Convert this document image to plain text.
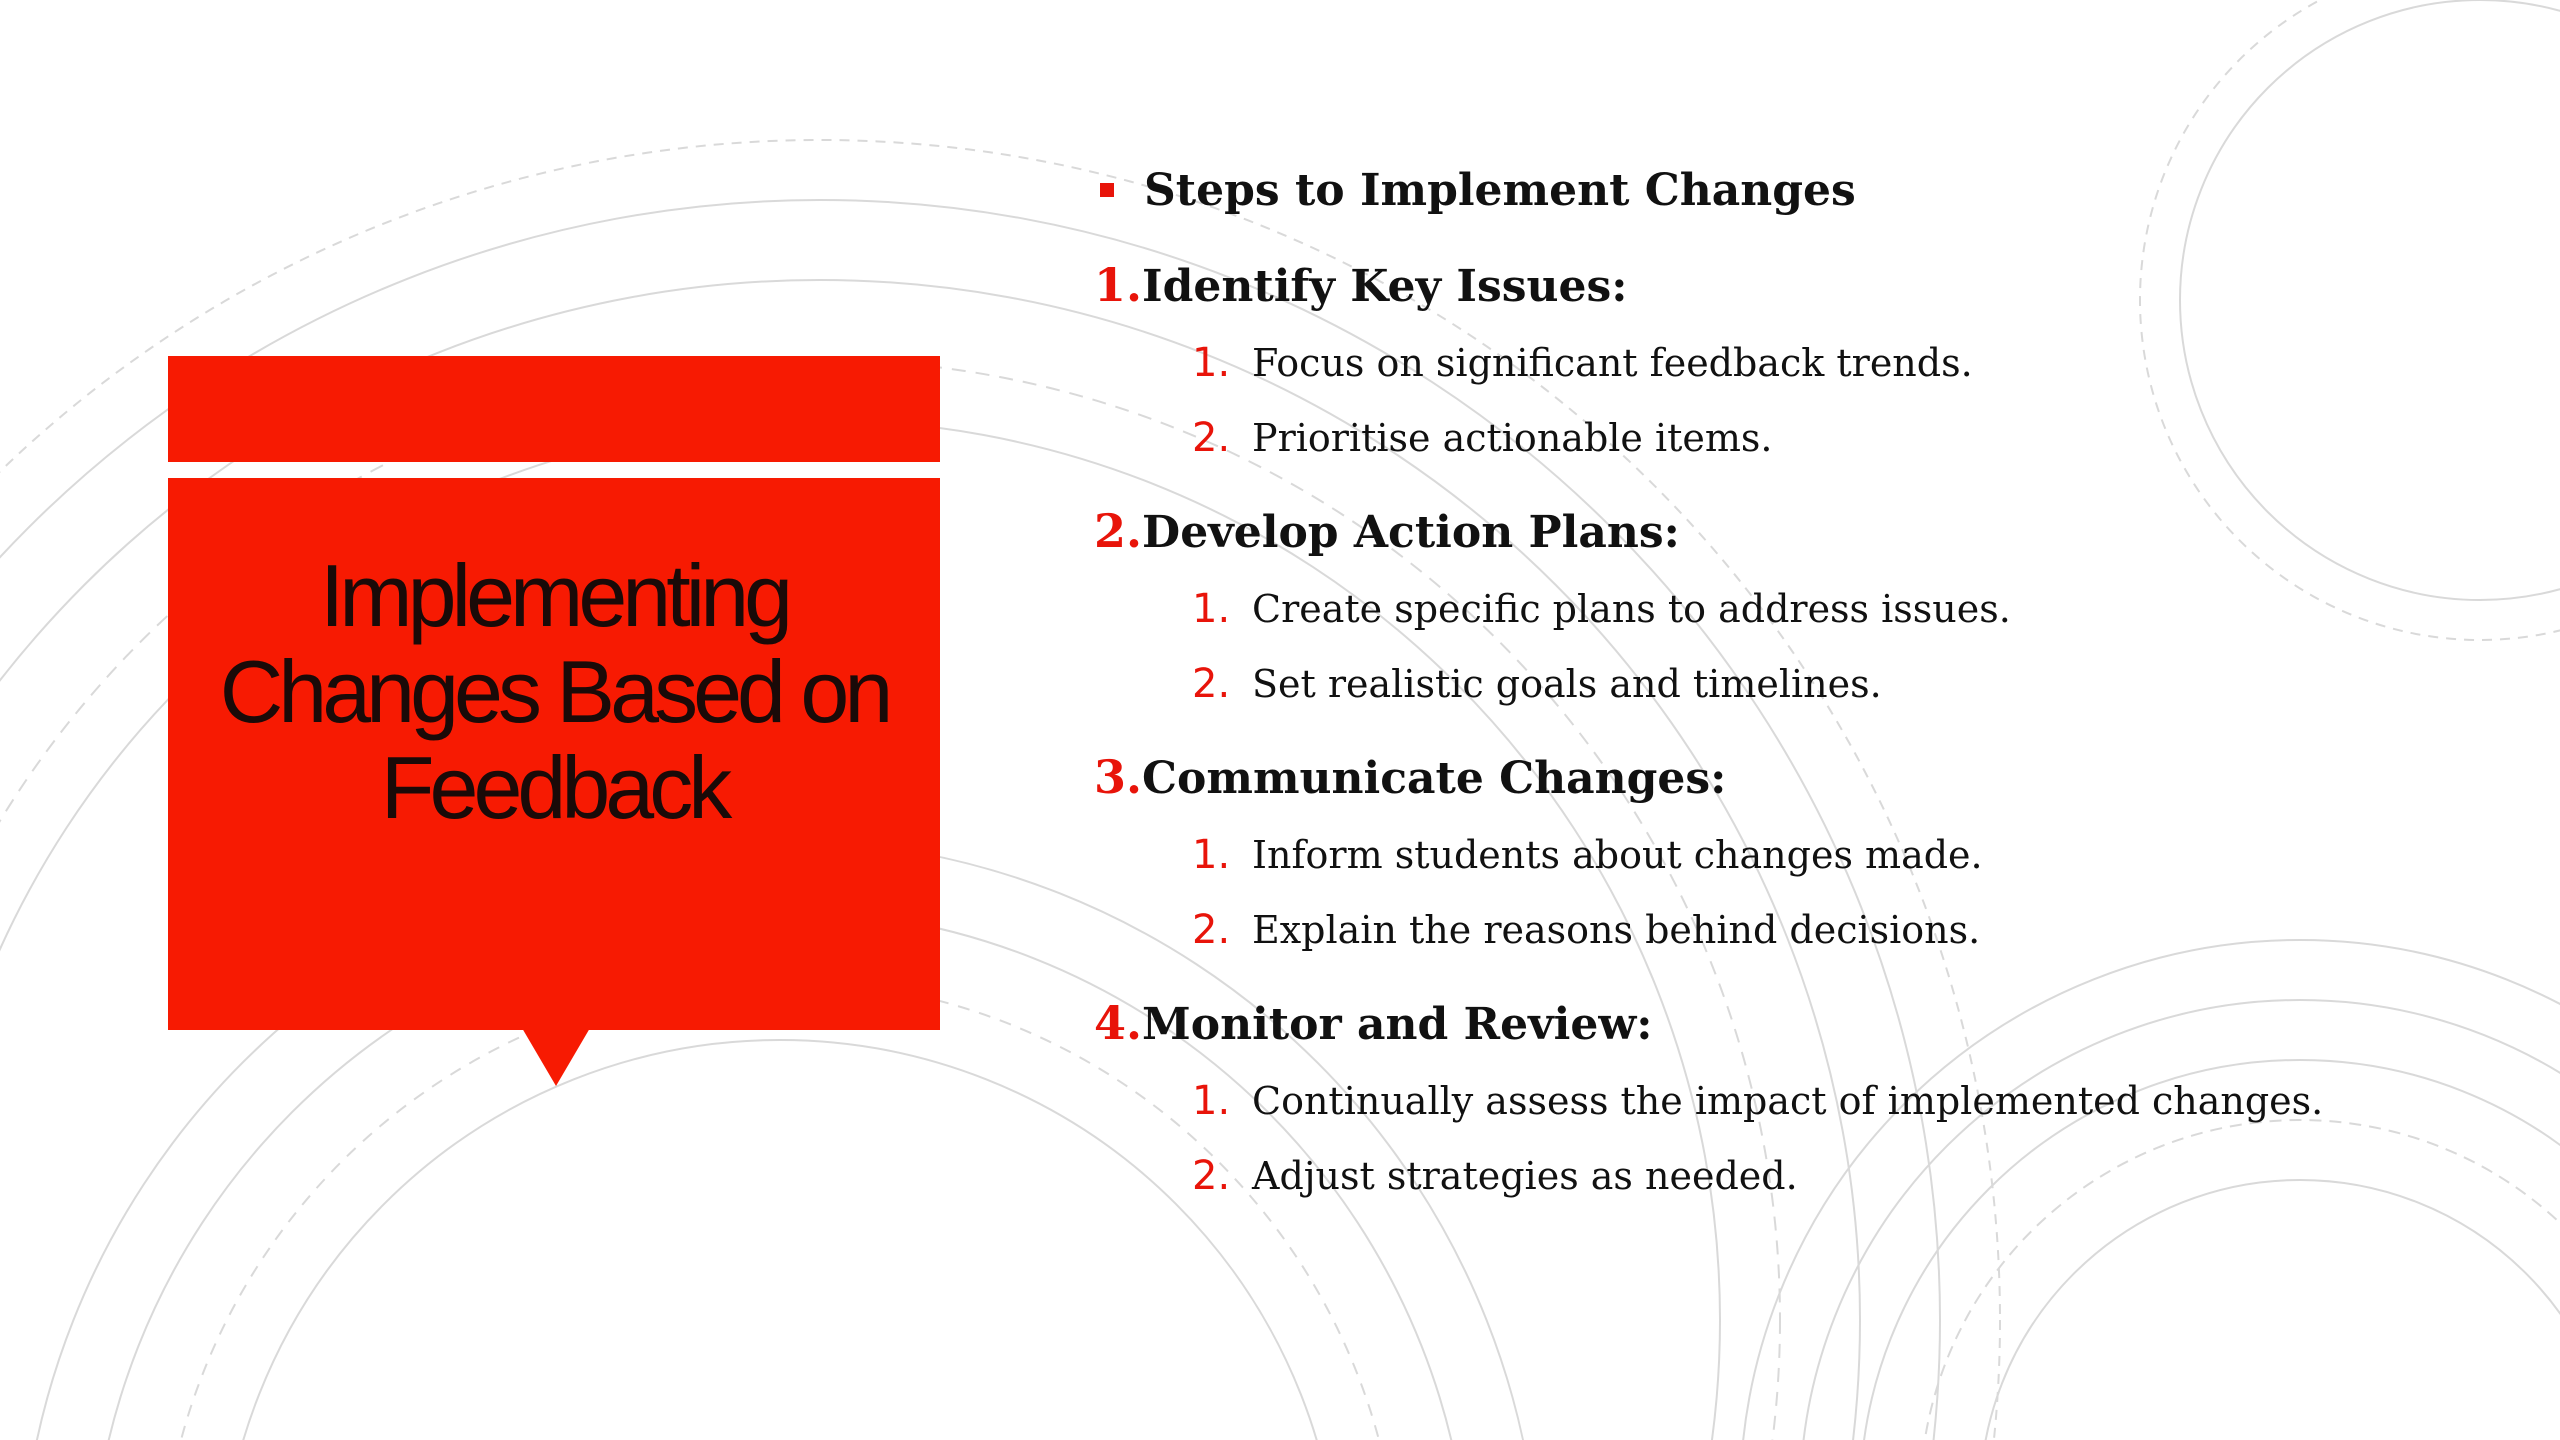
Implementing
Changes Based on
Feedback
Steps to Implement Changes
1. Identify Key Issues:
1. Focus on significant feedback trends.
2. Prioritise actionable items.
2. Develop Action Plans:
1. Create specific plans to address issues.
2. Set realistic goals and timelines.
3. Communicate Changes:
1. Inform students about changes made.
2. Explain the reasons behind decisions.
4. Monitor and Review:
1. Continually assess the impact of implemented changes.
2. Adjust strategies as needed.
